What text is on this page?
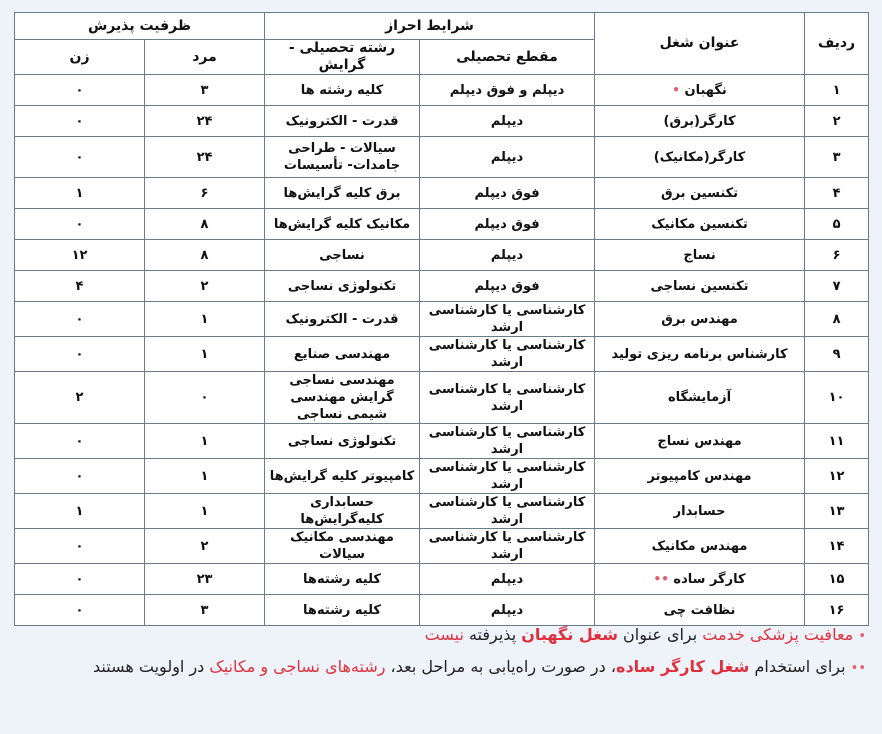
ردیف	عنوان شغل	شرایط احراز		ظرفیت پذیرش	
		مقطع تحصیلی	رشته تحصیلی - گرایش	مرد	زن
۱	نگهبان •	دیپلم و فوق دیپلم	کلیه رشته ها	۳	۰
۲	کارگر(برق)	دیپلم	قدرت - الکترونیک	۲۴	۰
۳	کارگر(مکانیک)	دیپلم	سیالات - طراحی جامدات- تأسیسات	۲۴	۰
۴	تکنسین برق	فوق دیپلم	برق کلیه گرایش‌ها	۶	۱
۵	تکنسین مکانیک	فوق دیپلم	مکانیک کلیه گرایش‌ها	۸	۰
۶	نساج	دیپلم	نساجی	۸	۱۲
۷	تکنسین نساجی	فوق دیپلم	تکنولوژی نساجی	۲	۴
۸	مهندس برق	کارشناسی یا کارشناسی ارشد	قدرت - الکترونیک	۱	۰
۹	کارشناس برنامه ریزی تولید	کارشناسی یا کارشناسی ارشد	مهندسی صنایع	۱	۰
۱۰	آزمایشگاه	کارشناسی یا کارشناسی ارشد	مهندسی نساجی گرایش مهندسی شیمی نساجی	۰	۲
۱۱	مهندس نساج	کارشناسی یا کارشناسی ارشد	تکنولوژی نساجی	۱	۰
۱۲	مهندس کامپیوتر	کارشناسی یا کارشناسی ارشد	کامپیوتر کلیه گرایش‌ها	۱	۰
۱۳	حسابدار	کارشناسی یا کارشناسی ارشد	حسابداری کلیه‌گرایش‌ها	۱	۱
۱۴	مهندس مکانیک	کارشناسی یا کارشناسی ارشد	مهندسی مکانیک سیالات	۲	۰
۱۵	کارگر ساده ••	دیپلم	کلیه رشته‌ها	۲۳	۰
۱۶	نظافت چی	دیپلم	کلیه رشته‌ها	۳	۰

• معافیت پزشکی خدمت برای عنوان شغل نگهبان پذیرفته نیست

•• برای استخدام شغل کارگر ساده، در صورت راه‌یابی به مراحل بعد، رشته‌های نساجی و مکانیک در اولویت هستند
